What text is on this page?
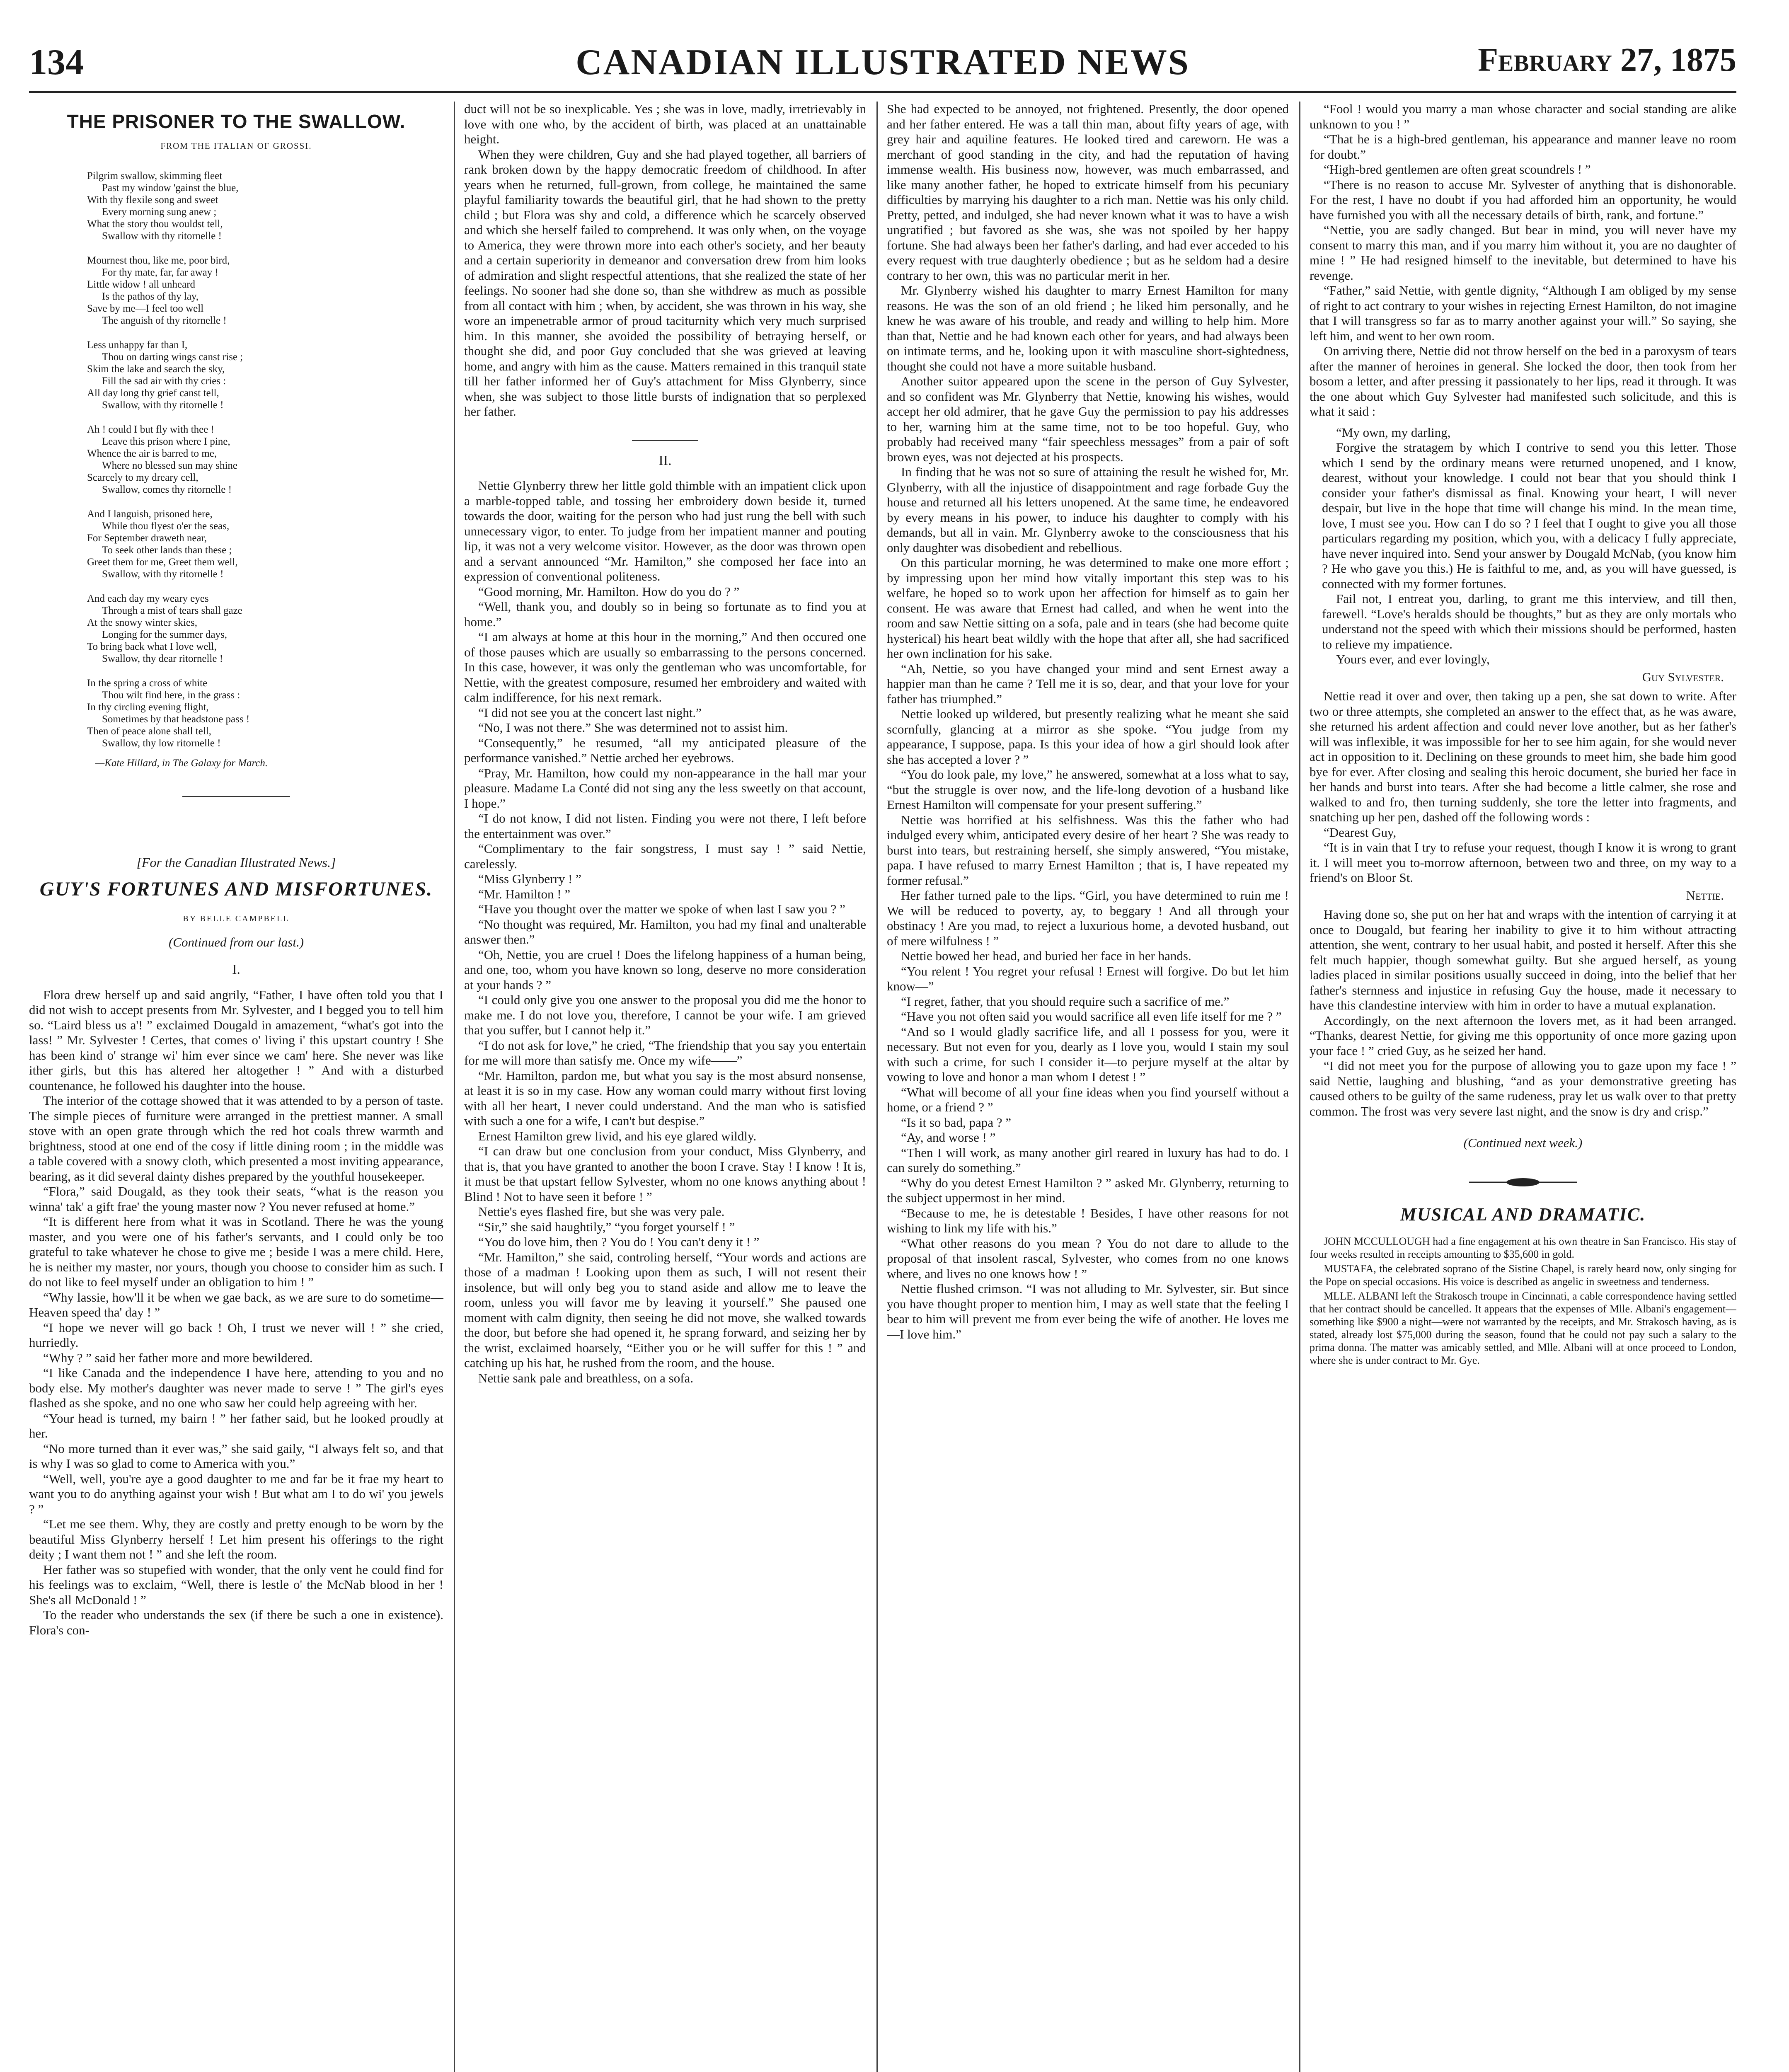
134	CANADIAN ILLUSTRATED NEWS	February 27, 1875
THE PRISONER TO THE SWALLOW.
FROM THE ITALIAN OF GROSSI.
Pilgrim swallow, skimming fleet
Past my window 'gainst the blue,
With thy flexile song and sweet
Every morning sung anew ;
What the story thou wouldst tell,
Swallow with thy ritornelle !
Mournest thou, like me, poor bird,
For thy mate, far, far away !
Little widow ! all unheard
Is the pathos of thy lay,
Save by me—I feel too well
The anguish of thy ritornelle !
Less unhappy far than I,
Thou on darting wings canst rise ;
Skim the lake and search the sky,
Fill the sad air with thy cries :
All day long thy grief canst tell,
Swallow, with thy ritornelle !
Ah ! could I but fly with thee !
Leave this prison where I pine,
Whence the air is barred to me,
Where no blessed sun may shine
Scarcely to my dreary cell,
Swallow, comes thy ritornelle !
And I languish, prisoned here,
While thou flyest o'er the seas,
For September draweth near,
To seek other lands than these ;
Greet them for me, Greet them well,
Swallow, with thy ritornelle !
And each day my weary eyes
Through a mist of tears shall gaze
At the snowy winter skies,
Longing for the summer days,
To bring back what I love well,
Swallow, thy dear ritornelle !
In the spring a cross of white
Thou wilt find here, in the grass :
In thy circling evening flight,
Sometimes by that headstone pass !
Then of peace alone shall tell,
Swallow, thy low ritornelle !
—Kate Hillard, in The Galaxy for March.
[For the Canadian Illustrated News.]
GUY'S FORTUNES AND MISFORTUNES.
BY BELLE CAMPBELL
(Continued from our last.)
I.

Flora drew herself up and said angrily, “Father, I have often told you that I did not wish to accept presents from Mr. Sylvester, and I begged you to tell him so. “Laird bless us a'! ” exclaimed Dougald in amazement, “what's got into the lass! ” Mr. Sylvester ! Certes, that comes o' living i' this upstart country ! She has been kind o' strange wi' him ever since we cam' here. She never was like ither girls, but this has altered her altogether ! ” And with a disturbed countenance, he followed his daughter into the house.

The interior of the cottage showed that it was attended to by a person of taste. The simple pieces of furniture were arranged in the prettiest manner. A small stove with an open grate through which the red hot coals threw warmth and brightness, stood at one end of the cosy if little dining room ; in the middle was a table covered with a snowy cloth, which presented a most inviting appearance, bearing, as it did several dainty dishes prepared by the youthful housekeeper.

“Flora,” said Dougald, as they took their seats, “what is the reason you winna' tak' a gift frae' the young master now ? You never refused at home.”

“It is different here from what it was in Scotland. There he was the young master, and you were one of his father's servants, and I could only be too grateful to take whatever he chose to give me ; beside I was a mere child. Here, he is neither my master, nor yours, though you choose to consider him as such. I do not like to feel myself under an obligation to him ! ”

“Why lassie, how'll it be when we gae back, as we are sure to do sometime—Heaven speed tha' day ! ”

“I hope we never will go back ! Oh, I trust we never will ! ” she cried, hurriedly.

“Why ? ” said her father more and more bewildered.

“I like Canada and the independence I have here, attending to you and no body else. My mother's daughter was never made to serve ! ” The girl's eyes flashed as she spoke, and no one who saw her could help agreeing with her.

“Your head is turned, my bairn ! ” her father said, but he looked proudly at her.

“No more turned than it ever was,” she said gaily, “I always felt so, and that is why I was so glad to come to America with you.”

“Well, well, you're aye a good daughter to me and far be it frae my heart to want you to do anything against your wish ! But what am I to do wi' you jewels ? ”

“Let me see them. Why, they are costly and pretty enough to be worn by the beautiful Miss Glynberry herself ! Let him present his offerings to the right deity ; I want them not ! ” and she left the room.

Her father was so stupefied with wonder, that the only vent he could find for his feelings was to exclaim, “Well, there is lestle o' the McNab blood in her ! She's all McDonald ! ”

To the reader who understands the sex (if there be such a one in existence). Flora's con-

duct will not be so inexplicable. Yes ; she was in love, madly, irretrievably in love with one who, by the accident of birth, was placed at an unattainable height.

When they were children, Guy and she had played together, all barriers of rank broken down by the happy democratic freedom of childhood. In after years when he returned, full-grown, from college, he maintained the same playful familiarity towards the beautiful girl, that he had shown to the pretty child ; but Flora was shy and cold, a difference which he scarcely observed and which she herself failed to comprehend. It was only when, on the voyage to America, they were thrown more into each other's society, and her beauty and a certain superiority in demeanor and conversation drew from him looks of admiration and slight respectful attentions, that she realized the state of her feelings. No sooner had she done so, than she withdrew as much as possible from all contact with him ; when, by accident, she was thrown in his way, she wore an impenetrable armor of proud taciturnity which very much surprised him. In this manner, she avoided the possibility of betraying herself, or thought she did, and poor Guy concluded that she was grieved at leaving home, and angry with him as the cause. Matters remained in this tranquil state till her father informed her of Guy's attachment for Miss Glynberry, since when, she was subject to those little bursts of indignation that so perplexed her father.

II.

Nettie Glynberry threw her little gold thimble with an impatient click upon a marble-topped table, and tossing her embroidery down beside it, turned towards the door, waiting for the person who had just rung the bell with such unnecessary vigor, to enter. To judge from her impatient manner and pouting lip, it was not a very welcome visitor. However, as the door was thrown open and a servant announced “Mr. Hamilton,” she composed her face into an expression of conventional politeness.

“Good morning, Mr. Hamilton. How do you do ? ”

“Well, thank you, and doubly so in being so fortunate as to find you at home.”

“I am always at home at this hour in the morning,” And then occured one of those pauses which are usually so embarrassing to the persons concerned. In this case, however, it was only the gentleman who was uncomfortable, for Nettie, with the greatest composure, resumed her embroidery and waited with calm indifference, for his next remark.

“I did not see you at the concert last night.”

“No, I was not there.” She was determined not to assist him.

“Consequently,” he resumed, “all my anticipated pleasure of the performance vanished.” Nettie arched her eyebrows.

“Pray, Mr. Hamilton, how could my non-appearance in the hall mar your pleasure. Madame La Conté did not sing any the less sweetly on that account, I hope.”

“I do not know, I did not listen. Finding you were not there, I left before the entertainment was over.”

“Complimentary to the fair songstress, I must say ! ” said Nettie, carelessly.

“Miss Glynberry ! ”

“Mr. Hamilton ! ”

“Have you thought over the matter we spoke of when last I saw you ? ”

“No thought was required, Mr. Hamilton, you had my final and unalterable answer then.”

“Oh, Nettie, you are cruel ! Does the lifelong happiness of a human being, and one, too, whom you have known so long, deserve no more consideration at your hands ? ”

“I could only give you one answer to the proposal you did me the honor to make me. I do not love you, therefore, I cannot be your wife. I am grieved that you suffer, but I cannot help it.”

“I do not ask for love,” he cried, “The friendship that you say you entertain for me will more than satisfy me. Once my wife——”

“Mr. Hamilton, pardon me, but what you say is the most absurd nonsense, at least it is so in my case. How any woman could marry without first loving with all her heart, I never could understand. And the man who is satisfied with such a one for a wife, I can't but despise.”

Ernest Hamilton grew livid, and his eye glared wildly.

“I can draw but one conclusion from your conduct, Miss Glynberry, and that is, that you have granted to another the boon I crave. Stay ! I know ! It is, it must be that upstart fellow Sylvester, whom no one knows anything about ! Blind ! Not to have seen it before ! ”

Nettie's eyes flashed fire, but she was very pale.

“Sir,” she said haughtily,” “you forget yourself ! ”

“You do love him, then ? You do ! You can't deny it ! ”

“Mr. Hamilton,” she said, controling herself, “Your words and actions are those of a madman ! Looking upon them as such, I will not resent their insolence, but will only beg you to stand aside and allow me to leave the room, unless you will favor me by leaving it yourself.” She paused one moment with calm dignity, then seeing he did not move, she walked towards the door, but before she had opened it, he sprang forward, and seizing her by the wrist, exclaimed hoarsely, “Either you or he will suffer for this ! ” and catching up his hat, he rushed from the room, and the house.

Nettie sank pale and breathless, on a sofa.

She had expected to be annoyed, not frightened. Presently, the door opened and her father entered. He was a tall thin man, about fifty years of age, with grey hair and aquiline features. He looked tired and careworn. He was a merchant of good standing in the city, and had the reputation of having immense wealth. His business now, however, was much embarrassed, and like many another father, he hoped to extricate himself from his pecuniary difficulties by marrying his daughter to a rich man. Nettie was his only child. Pretty, petted, and indulged, she had never known what it was to have a wish ungratified ; but favored as she was, she was not spoiled by her happy fortune. She had always been her father's darling, and had ever acceded to his every request with true daughterly obedience ; but as he seldom had a desire contrary to her own, this was no particular merit in her.

Mr. Glynberry wished his daughter to marry Ernest Hamilton for many reasons. He was the son of an old friend ; he liked him personally, and he knew he was aware of his trouble, and ready and willing to help him. More than that, Nettie and he had known each other for years, and had always been on intimate terms, and he, looking upon it with masculine short-sightedness, thought she could not have a more suitable husband.

Another suitor appeared upon the scene in the person of Guy Sylvester, and so confident was Mr. Glynberry that Nettie, knowing his wishes, would accept her old admirer, that he gave Guy the permission to pay his addresses to her, warning him at the same time, not to be too hopeful. Guy, who probably had received many “fair speechless messages” from a pair of soft brown eyes, was not dejected at his prospects.

In finding that he was not so sure of attaining the result he wished for, Mr. Glynberry, with all the injustice of disappointment and rage forbade Guy the house and returned all his letters unopened. At the same time, he endeavored by every means in his power, to induce his daughter to comply with his demands, but all in vain. Mr. Glynberry awoke to the consciousness that his only daughter was disobedient and rebellious.

On this particular morning, he was determined to make one more effort ; by impressing upon her mind how vitally important this step was to his welfare, he hoped so to work upon her affection for himself as to gain her consent. He was aware that Ernest had called, and when he went into the room and saw Nettie sitting on a sofa, pale and in tears (she had become quite hysterical) his heart beat wildly with the hope that after all, she had sacrificed her own inclination for his sake.

“Ah, Nettie, so you have changed your mind and sent Ernest away a happier man than he came ? Tell me it is so, dear, and that your love for your father has triumphed.”

Nettie looked up wildered, but presently realizing what he meant she said scornfully, glancing at a mirror as she spoke. “You judge from my appearance, I suppose, papa. Is this your idea of how a girl should look after she has accepted a lover ? ”

“You do look pale, my love,” he answered, somewhat at a loss what to say, “but the struggle is over now, and the life-long devotion of a husband like Ernest Hamilton will compensate for your present suffering.”

Nettie was horrified at his selfishness. Was this the father who had indulged every whim, anticipated every desire of her heart ? She was ready to burst into tears, but restraining herself, she simply answered, “You mistake, papa. I have refused to marry Ernest Hamilton ; that is, I have repeated my former refusal.”

Her father turned pale to the lips. “Girl, you have determined to ruin me ! We will be reduced to poverty, ay, to beggary ! And all through your obstinacy ! Are you mad, to reject a luxurious home, a devoted husband, out of mere wilfulness ! ”

Nettie bowed her head, and buried her face in her hands.

“You relent ! You regret your refusal ! Ernest will forgive. Do but let him know—”

“I regret, father, that you should require such a sacrifice of me.”

“Have you not often said you would sacrifice all even life itself for me ? ”

“And so I would gladly sacrifice life, and all I possess for you, were it necessary. But not even for you, dearly as I love you, would I stain my soul with such a crime, for such I consider it—to perjure myself at the altar by vowing to love and honor a man whom I detest ! ”

“What will become of all your fine ideas when you find yourself without a home, or a friend ? ”

“Is it so bad, papa ? ”

“Ay, and worse ! ”

“Then I will work, as many another girl reared in luxury has had to do. I can surely do something.”

“Why do you detest Ernest Hamilton ? ” asked Mr. Glynberry, returning to the subject uppermost in her mind.

“Because to me, he is detestable ! Besides, I have other reasons for not wishing to link my life with his.”

“What other reasons do you mean ? You do not dare to allude to the proposal of that insolent rascal, Sylvester, who comes from no one knows where, and lives no one knows how ! ”

Nettie flushed crimson. “I was not alluding to Mr. Sylvester, sir. But since you have thought proper to mention him, I may as well state that the feeling I bear to him will prevent me from ever being the wife of another. He loves me—I love him.”

“Fool ! would you marry a man whose character and social standing are alike unknown to you ! ”

“That he is a high-bred gentleman, his appearance and manner leave no room for doubt.”

“High-bred gentlemen are often great scoundrels ! ”

“There is no reason to accuse Mr. Sylvester of anything that is dishonorable. For the rest, I have no doubt if you had afforded him an opportunity, he would have furnished you with all the necessary details of birth, rank, and fortune.”

“Nettie, you are sadly changed. But bear in mind, you will never have my consent to marry this man, and if you marry him without it, you are no daughter of mine ! ” He had resigned himself to the inevitable, but determined to have his revenge.

“Father,” said Nettie, with gentle dignity, “Although I am obliged by my sense of right to act contrary to your wishes in rejecting Ernest Hamilton, do not imagine that I will transgress so far as to marry another against your will.” So saying, she left him, and went to her own room.

On arriving there, Nettie did not throw herself on the bed in a paroxysm of tears after the manner of heroines in general. She locked the door, then took from her bosom a letter, and after pressing it passionately to her lips, read it through. It was the one about which Guy Sylvester had manifested such solicitude, and this is what it said :

“My own, my darling,

Forgive the stratagem by which I contrive to send you this letter. Those which I send by the ordinary means were returned unopened, and I know, dearest, without your knowledge. I could not bear that you should think I consider your father's dismissal as final. Knowing your heart, I will never despair, but live in the hope that time will change his mind. In the mean time, love, I must see you. How can I do so ? I feel that I ought to give you all those particulars regarding my position, which you, with a delicacy I fully appreciate, have never inquired into. Send your answer by Dougald McNab, (you know him ? He who gave you this.) He is faithful to me, and, as you will have guessed, is connected with my former fortunes.

Fail not, I entreat you, darling, to grant me this interview, and till then, farewell. “Love's heralds should be thoughts,” but as they are only mortals who understand not the speed with which their missions should be performed, hasten to relieve my impatience.

Yours ever, and ever lovingly,

Guy Sylvester.

Nettie read it over and over, then taking up a pen, she sat down to write. After two or three attempts, she completed an answer to the effect that, as he was aware, she returned his ardent affection and could never love another, but as her father's will was inflexible, it was impossible for her to see him again, for she would never act in opposition to it. Declining on these grounds to meet him, she bade him good bye for ever. After closing and sealing this heroic document, she buried her face in her hands and burst into tears. After she had become a little calmer, she rose and walked to and fro, then turning suddenly, she tore the letter into fragments, and snatching up her pen, dashed off the following words :

“Dearest Guy,

“It is in vain that I try to refuse your request, though I know it is wrong to grant it. I will meet you to-morrow afternoon, between two and three, on my way to a friend's on Bloor St.

Nettie.

Having done so, she put on her hat and wraps with the intention of carrying it at once to Dougald, but fearing her inability to give it to him without attracting attention, she went, contrary to her usual habit, and posted it herself. After this she felt much happier, though somewhat guilty. But she argued herself, as young ladies placed in similar positions usually succeed in doing, into the belief that her father's sternness and injustice in refusing Guy the house, made it necessary to have this clandestine interview with him in order to have a mutual explanation.

Accordingly, on the next afternoon the lovers met, as it had been arranged. “Thanks, dearest Nettie, for giving me this opportunity of once more gazing upon your face ! ” cried Guy, as he seized her hand.

“I did not meet you for the purpose of allowing you to gaze upon my face ! ” said Nettie, laughing and blushing, “and as your demonstrative greeting has caused others to be guilty of the same rudeness, pray let us walk over to that pretty common. The frost was very severe last night, and the snow is dry and crisp.”

(Continued next week.)
MUSICAL AND DRAMATIC.

JOHN MCCULLOUGH had a fine engagement at his own theatre in San Francisco. His stay of four weeks resulted in receipts amounting to $35,600 in gold.

MUSTAFA, the celebrated soprano of the Sistine Chapel, is rarely heard now, only singing for the Pope on special occasions. His voice is described as angelic in sweetness and tenderness.

MLLE. ALBANI left the Strakosch troupe in Cincinnati, a cable correspondence having settled that her contract should be cancelled. It appears that the expenses of Mlle. Albani's engagement—something like $900 a night—were not warranted by the receipts, and Mr. Strakosch having, as is stated, already lost $75,000 during the season, found that he could not pay such a salary to the prima donna. The matter was amicably settled, and Mlle. Albani will at once proceed to London, where she is under contract to Mr. Gye.
